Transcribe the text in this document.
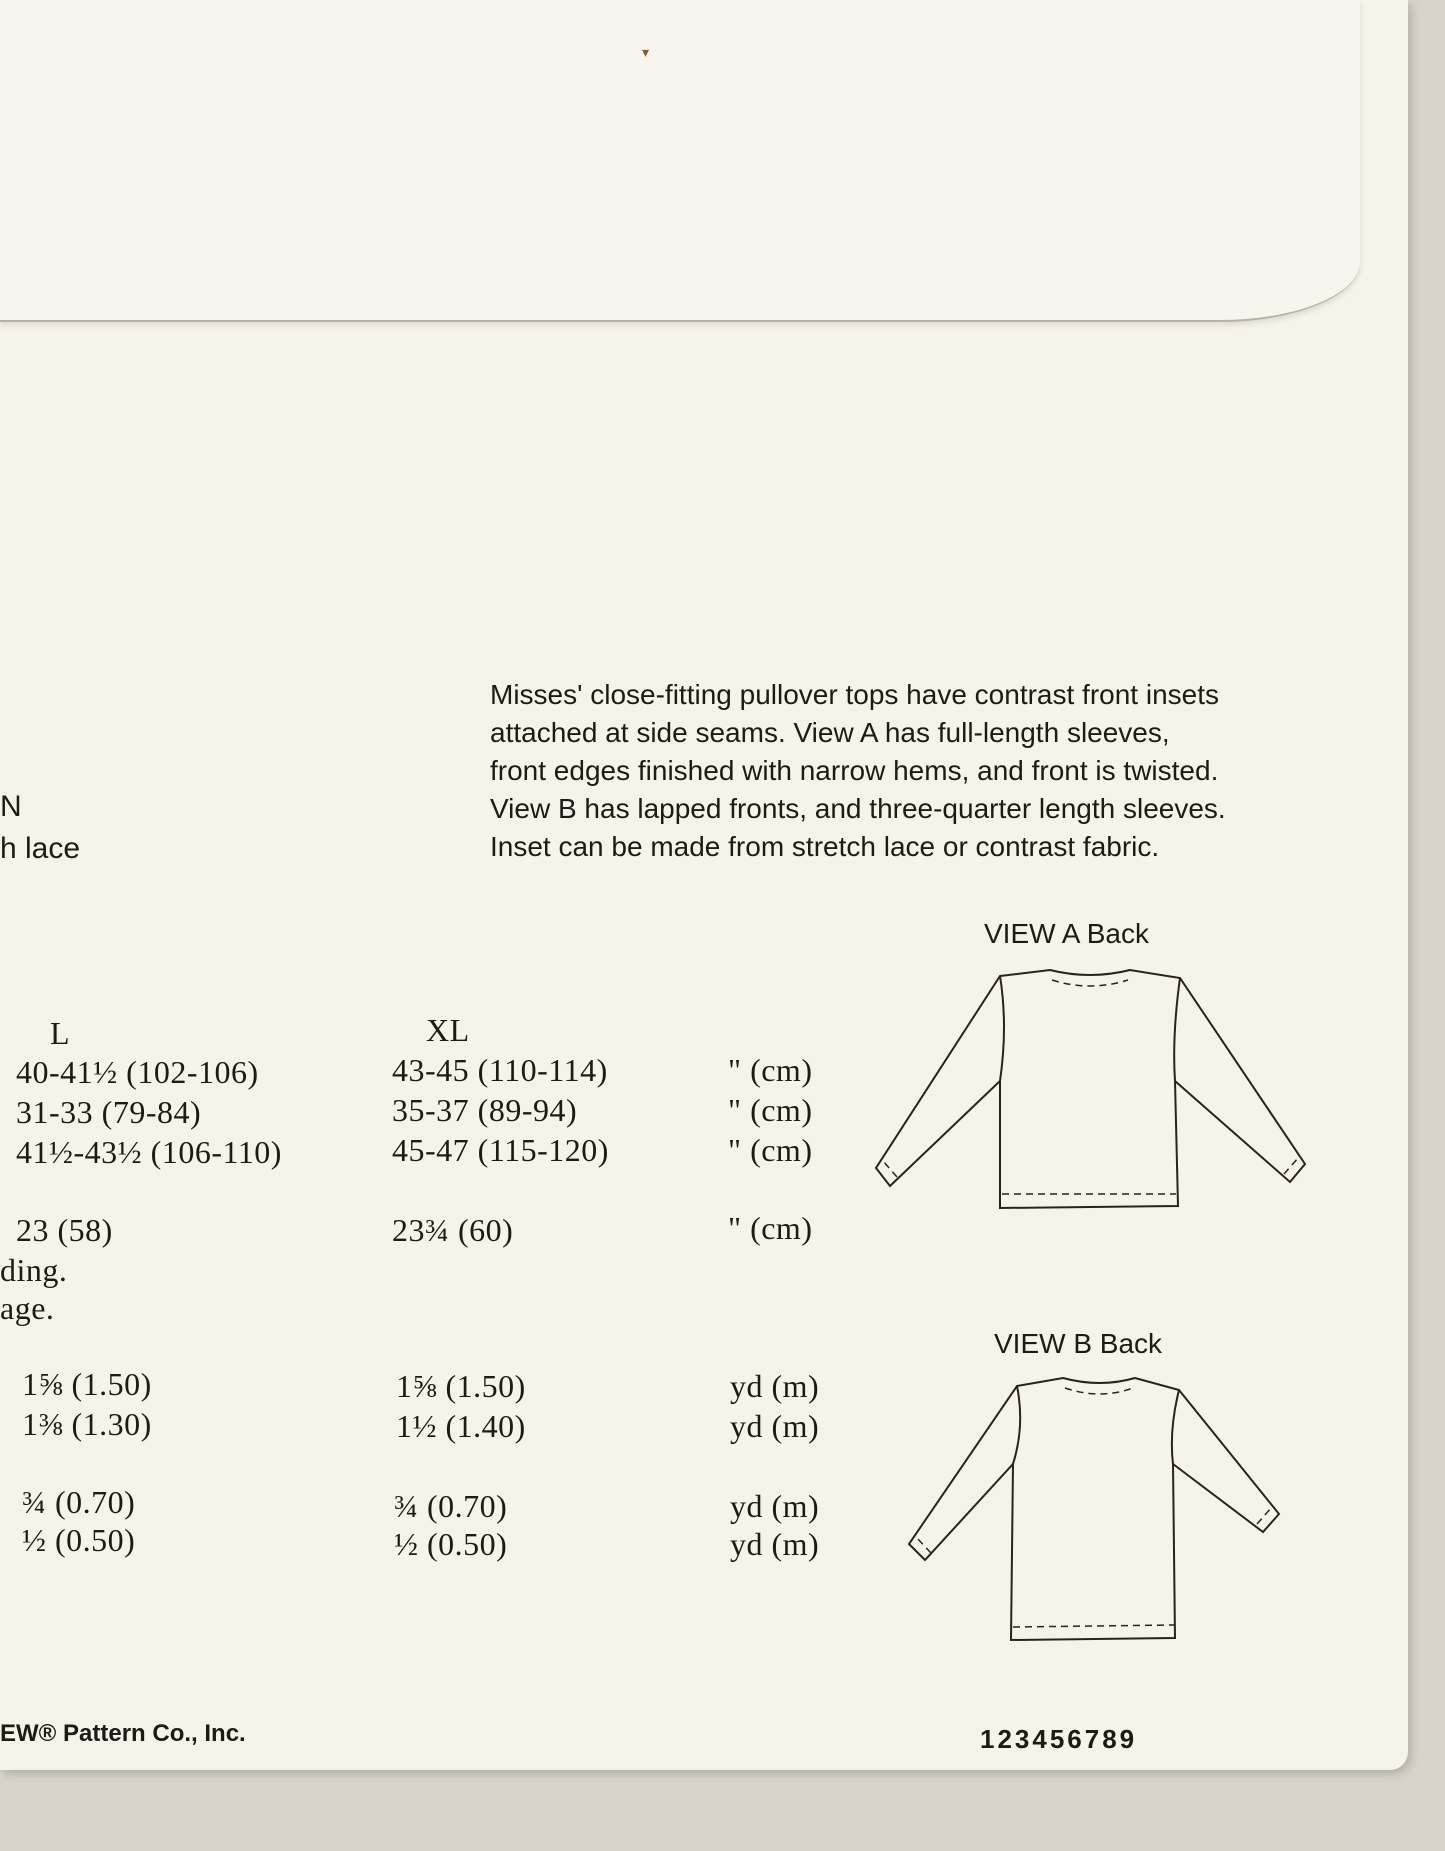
▾

Misses' close-fitting pullover tops have contrast front insets

attached at side seams. View A has full-length sleeves,

front edges finished with narrow hems, and front is twisted.

View B has lapped fronts, and three-quarter length sleeves.

Inset can be made from stretch lace or contrast fabric.

N
h lace
L	XL
40-41½ (102-106)	43-45 (110-114)	" (cm)
31-33 (79-84)	35-37 (89-94)	" (cm)
41½-43½ (106-110)	45-47 (115-120)	" (cm)
23 (58)	23¾ (60)	" (cm)
ding.
age.
1⅝ (1.50)	1⅝ (1.50)	yd (m)
1⅜ (1.30)	1½ (1.40)	yd (m)
¾ (0.70)	¾ (0.70)	yd (m)
½ (0.50)	½ (0.50)	yd (m)
VIEW A Back
VIEW B Back
EW® Pattern Co., Inc.	123456789
